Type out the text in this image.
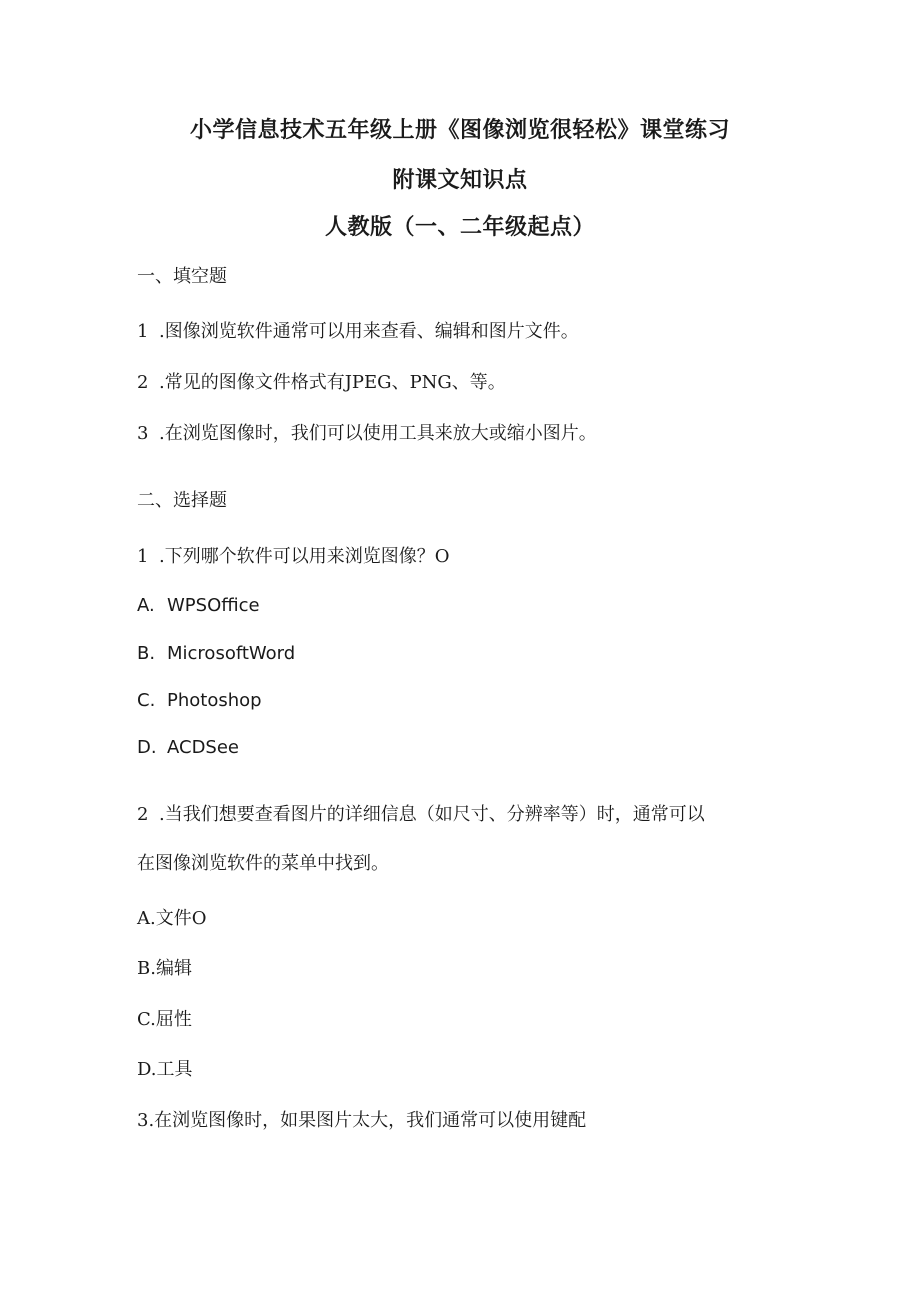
小学信息技术五年级上册《图像浏览很轻松》课堂练习
附课文知识点
人教版（一、二年级起点）
一、填空题
1 .图像浏览软件通常可以用来查看、编辑和图片文件。
2 .常见的图像文件格式有JPEG、PNG、等。
3 .在浏览图像时，我们可以使用工具来放大或缩小图片。
二、选择题
1 .下列哪个软件可以用来浏览图像？O
A. WPSOffice
B. MicrosoftWord
C. Photoshop
D. ACDSee
2 .当我们想要查看图片的详细信息（如尺寸、分辨率等）时，通常可以
在图像浏览软件的菜单中找到。
A.文件O
B.编辑
C.屈性
D.工具
3.在浏览图像时，如果图片太大，我们通常可以使用键配
